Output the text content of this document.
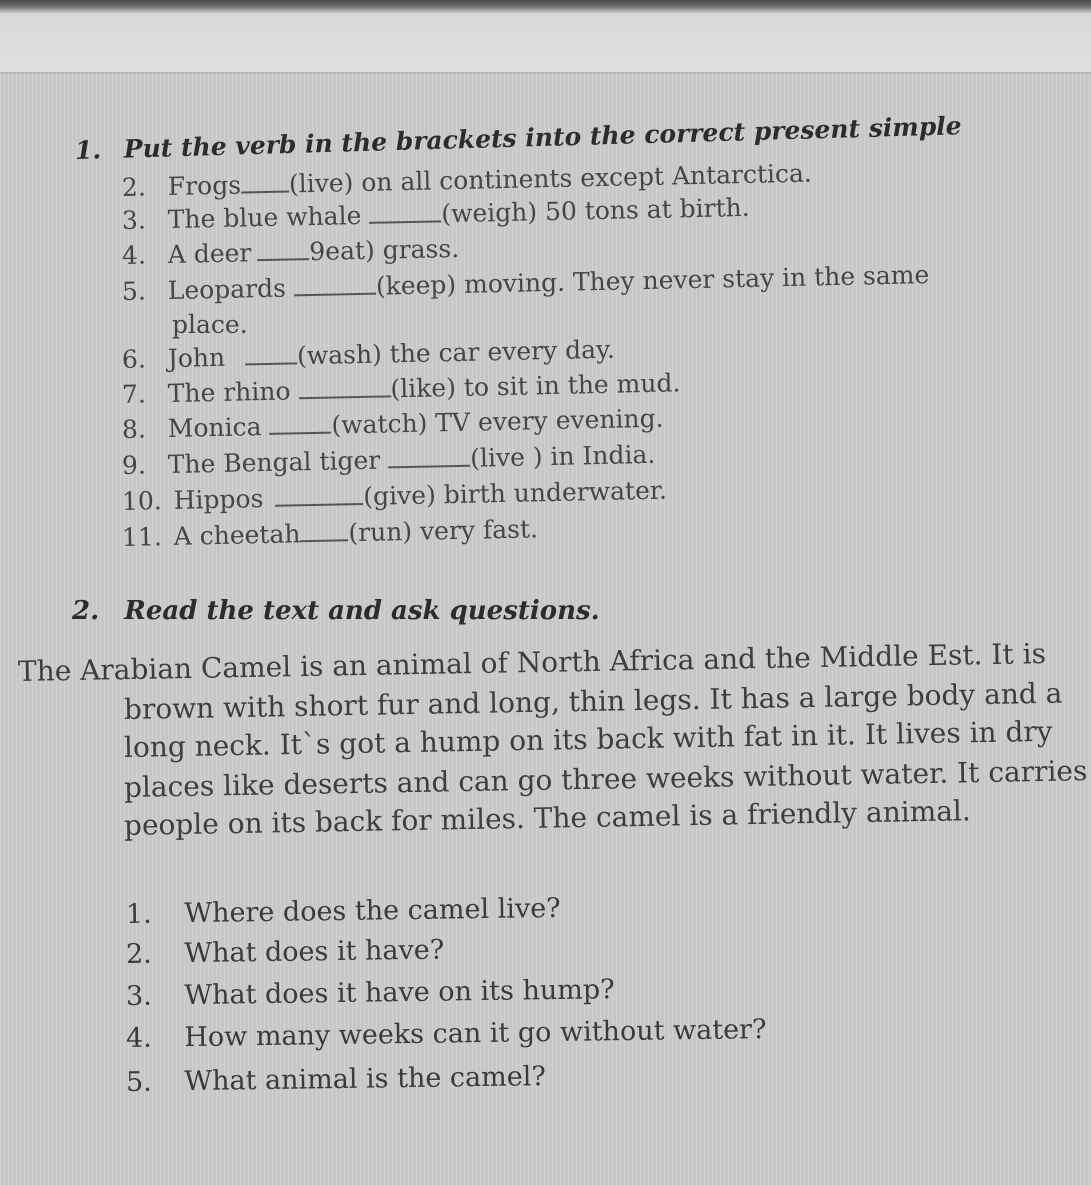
1. Put the verb in the brackets into the correct present simple
2. Frogs (live) on all continents except Antarctica.
3. The blue whale	(weigh) 50 tons at birth.
4. A deer 9eat) grass.
5. Leopards	(keep) moving. They never stay in the same
place.
6. John	(wash) the car every day.
7. The rhino	(like) to sit in the mud.
8. Monica	(watch) TV every evening.
9. The Bengal tiger	(live ) in India.
10. Hippos	(give) birth underwater.
11. A cheetah (run) very fast.
2. Read the text and ask questions.
The Arabian Camel is an animal of North Africa and the Middle Est. It is
brown with short fur and long, thin legs. It has a large body and a
long neck. It`s got a hump on its back with fat in it. It lives in dry
places like deserts and can go three weeks without water. It carries
people on its back for miles. The camel is a friendly animal.
1. Where does the camel live?
2. What does it have?
3. What does it have on its hump?
4. How many weeks can it go without water?
5. What animal is the camel?
